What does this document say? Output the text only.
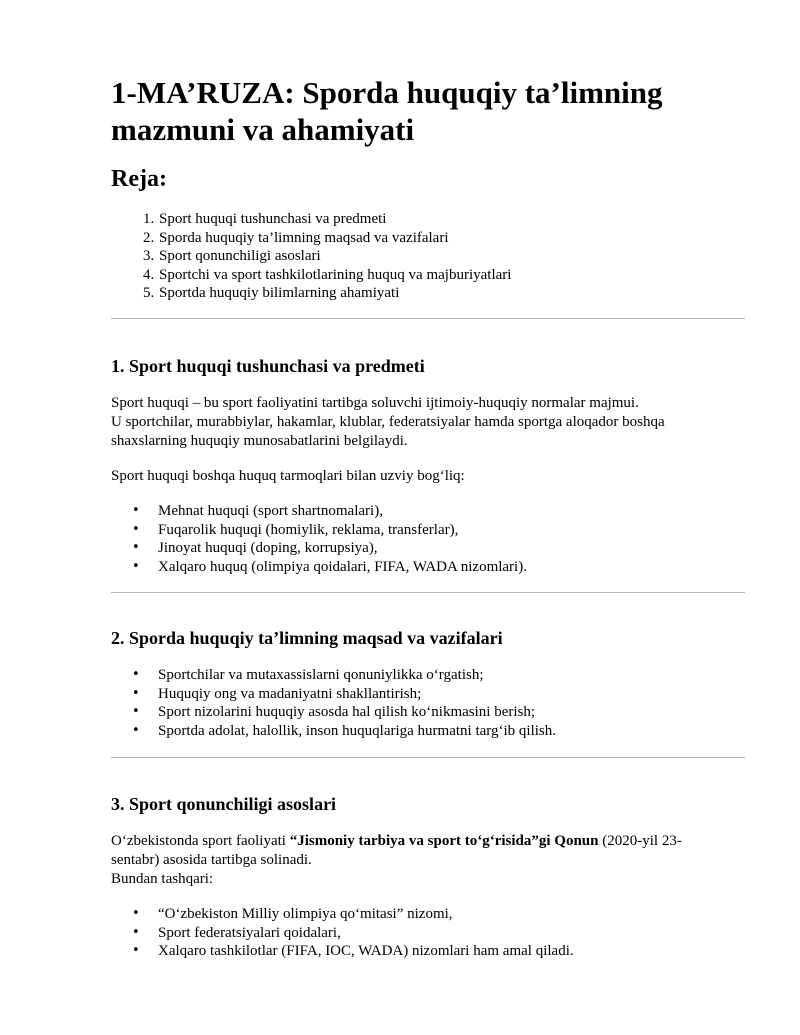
1-MA’RUZA: Sporda huquqiy ta’limning mazmuni va ahamiyati
Reja:
1. Sport huquqi tushunchasi va predmeti
2. Sporda huquqiy ta’limning maqsad va vazifalari
3. Sport qonunchiligi asoslari
4. Sportchi va sport tashkilotlarining huquq va majburiyatlari
5. Sportda huquqiy bilimlarning ahamiyati
1. Sport huquqi tushunchasi va predmeti

Sport huquqi – bu sport faoliyatini tartibga soluvchi ijtimoiy-huquqiy normalar majmui.
U sportchilar, murabbiylar, hakamlar, klublar, federatsiyalar hamda sportga aloqador boshqa shaxslarning huquqiy munosabatlarini belgilaydi.

Sport huquqi boshqa huquq tarmoqlari bilan uzviy bog‘liq:

• Mehnat huquqi (sport shartnomalari),
• Fuqarolik huquqi (homiylik, reklama, transferlar),
• Jinoyat huquqi (doping, korrupsiya),
• Xalqaro huquq (olimpiya qoidalari, FIFA, WADA nizomlari).
2. Sporda huquqiy ta’limning maqsad va vazifalari
• Sportchilar va mutaxassislarni qonuniylikka o‘rgatish;
• Huquqiy ong va madaniyatni shakllantirish;
• Sport nizolarini huquqiy asosda hal qilish ko‘nikmasini berish;
• Sportda adolat, halollik, inson huquqlariga hurmatni targ‘ib qilish.
3. Sport qonunchiligi asoslari

O‘zbekistonda sport faoliyati “Jismoniy tarbiya va sport to‘g‘risida”gi Qonun (2020-yil 23-sentabr) asosida tartibga solinadi.
Bundan tashqari:

• “O‘zbekiston Milliy olimpiya qo‘mitasi” nizomi,
• Sport federatsiyalari qoidalari,
• Xalqaro tashkilotlar (FIFA, IOC, WADA) nizomlari ham amal qiladi.
